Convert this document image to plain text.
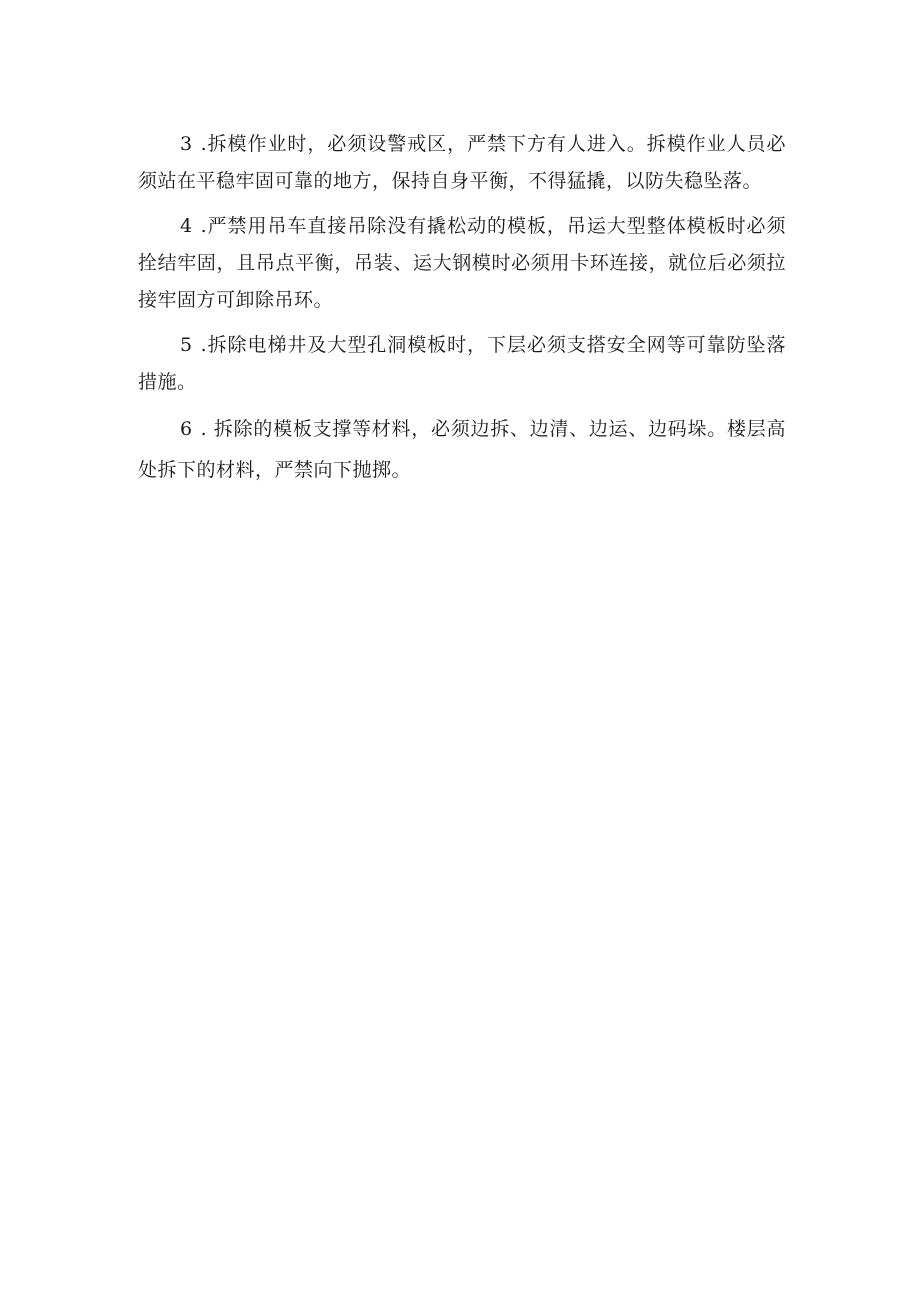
3 .拆模作业时，必须设警戒区，严禁下方有人进入。拆模作业人员必须站在平稳牢固可靠的地方，保持自身平衡，不得猛撬，以防失稳坠落。

4 .严禁用吊车直接吊除没有撬松动的模板，吊运大型整体模板时必须拴结牢固，且吊点平衡，吊装、运大钢模时必须用卡环连接，就位后必须拉接牢固方可卸除吊环。

5 .拆除电梯井及大型孔洞模板时，下层必须支搭安全网等可靠防坠落措施。

6 . 拆除的模板支撑等材料，必须边拆、边清、边运、边码垛。楼层高处拆下的材料，严禁向下抛掷。
